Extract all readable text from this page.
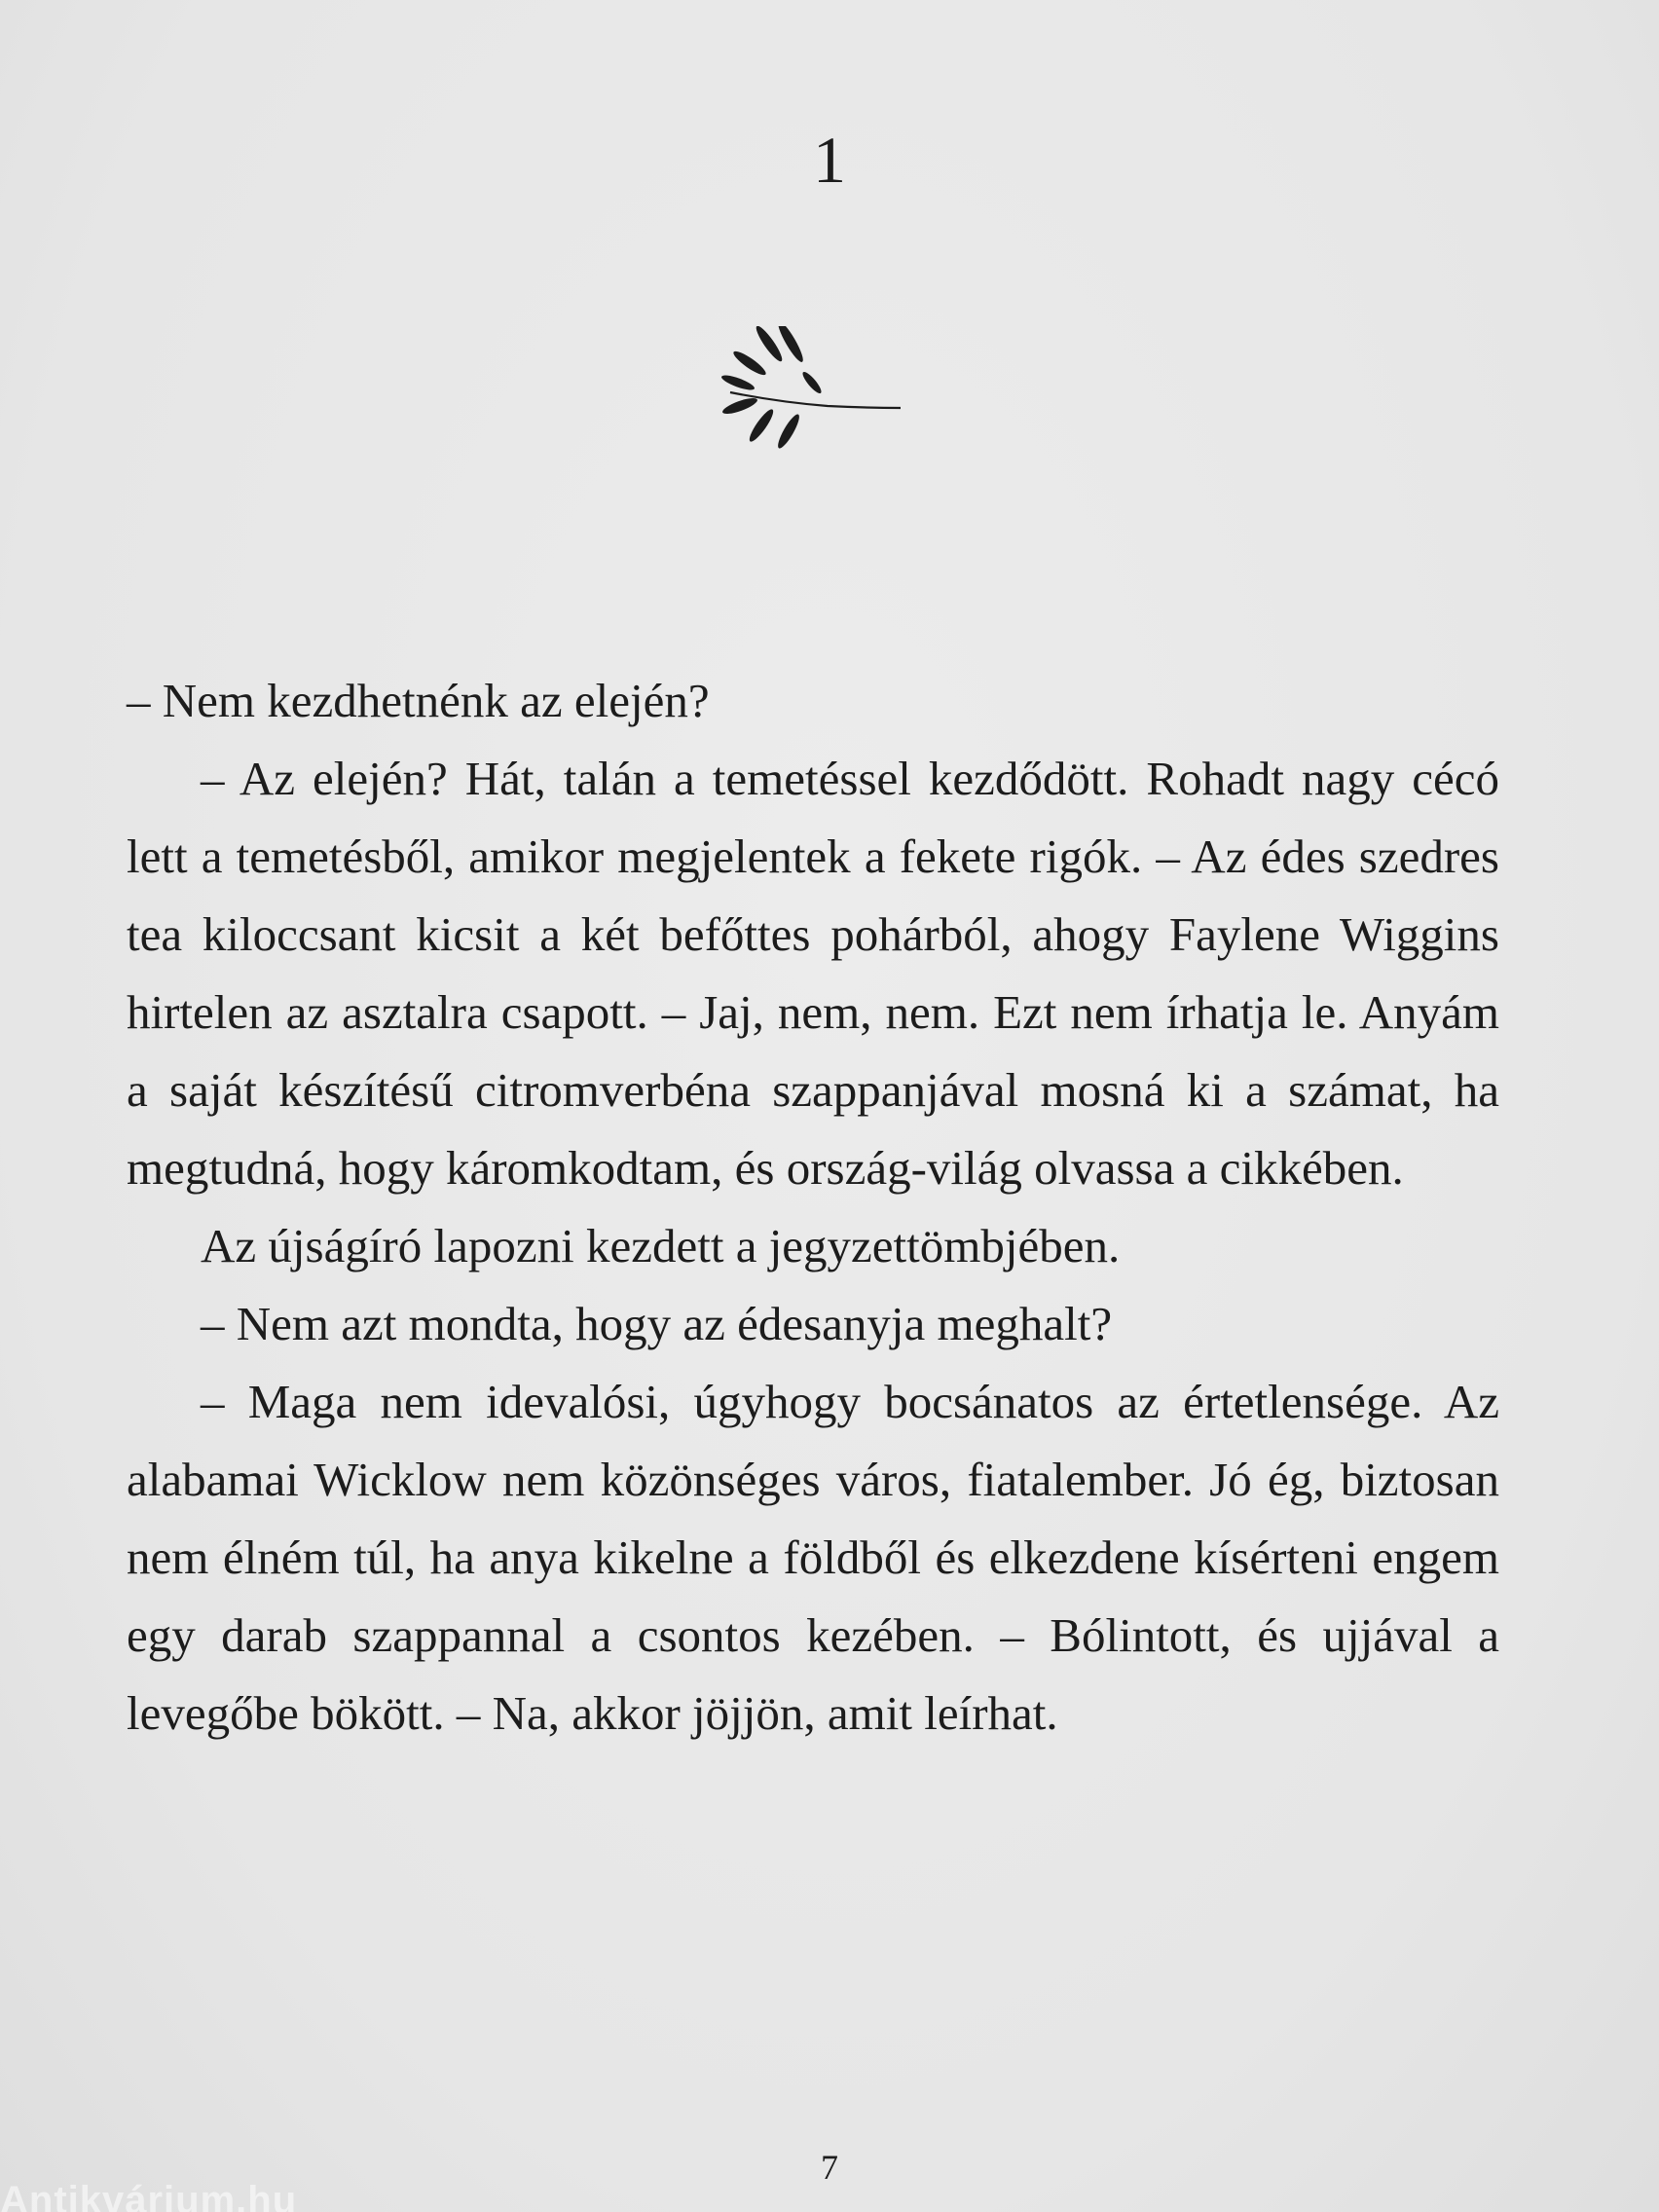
1

– Nem kezdhetnénk az elején?

– Az elején? Hát, talán a temetéssel kezdődött. Rohadt nagy cécó lett a temetésből, amikor megjelentek a fekete rigók. – Az édes szedres tea kiloccsant kicsit a két befőttes pohárból, ahogy Faylene Wiggins hirtelen az asztalra csapott. – Jaj, nem, nem. Ezt nem írhatja le. Anyám a saját készítésű citromverbéna szappanjával mosná ki a számat, ha megtudná, hogy káromkodtam, és ország-világ olvassa a cikkében.

Az újságíró lapozni kezdett a jegyzettömbjében.

– Nem azt mondta, hogy az édesanyja meghalt?

– Maga nem idevalósi, úgyhogy bocsánatos az értetlensége. Az alabamai Wicklow nem közönséges város, fiatalember. Jó ég, biztosan nem élném túl, ha anya kikelne a földből és elkezdene kísérteni engem egy darab szappannal a csontos kezében. – Bólintott, és ujjával a levegőbe bökött. – Na, akkor jöjjön, amit leírhat.

7
Antikvárium.hu
